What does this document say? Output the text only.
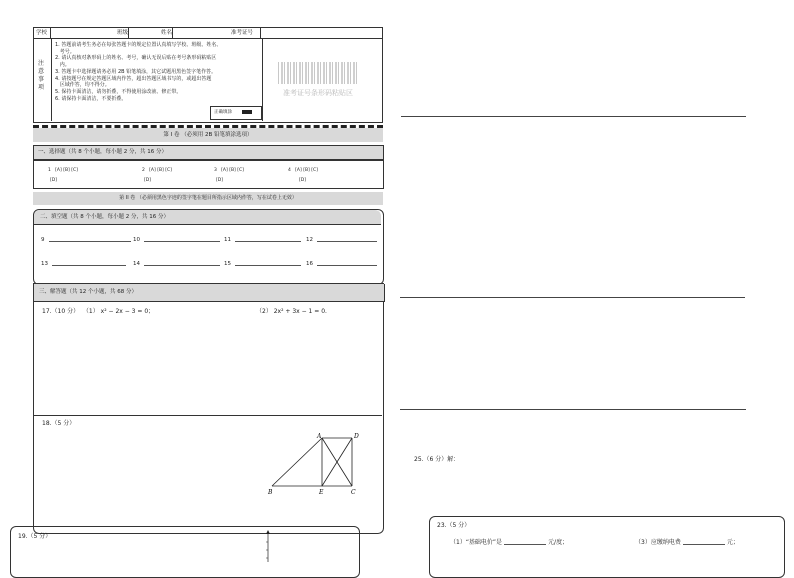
学校	班级	姓名	准考证号
注意事项
1. 答题前请考生务必在每张答题卡的规定位置认真填写学校、班级、姓名、
考号。
2. 请认真核对条形码上的姓名、考号，确认无误后贴在考号条形码粘贴区
内。
3. 答题卡中选择题请务必用 2B 铅笔填涂，其它试题用黑色签字笔作答。
4. 请按题号在规定答题区域内作答，超出答题区域书写的，或超出答题
区域作答，均不得分。
5. 保持卡面清洁，请勿折叠，不得使用涂改液、修正带。
6. 请保持卡面清洁，不要折叠。
正确填涂
准考证号条形码粘贴区
第 I 卷 （必须用 2B 铅笔填涂选项）
一、选择题（共 8 个小题，每小题 2 分，共 16 分）
1 [A] [B] [C]
[D]
2 [A] [B] [C]
[D]
3 [A] [B] [C]
[D]
4 [A] [B] [C]
[D]
第 II 卷 （必须用黑色字迹的签字笔在题目所指示区域内作答，写在试卷上无效）
二、填空题（共 8 个小题，每小题 2 分，共 16 分）
9	10	11	12
13	14	15	16
三、解答题（共 12 个小题，共 68 分）
17.（10 分） （1） x² − 2x − 3 = 0；	（2） 2x² + 3x − 1 = 0.
18.（5 分）
A	D
B	E	C
19.（5 分）
25.（6 分）解：
23.（5 分）
（1）“基础电价”是	元/度；	（3）应缴纳电费	元；
